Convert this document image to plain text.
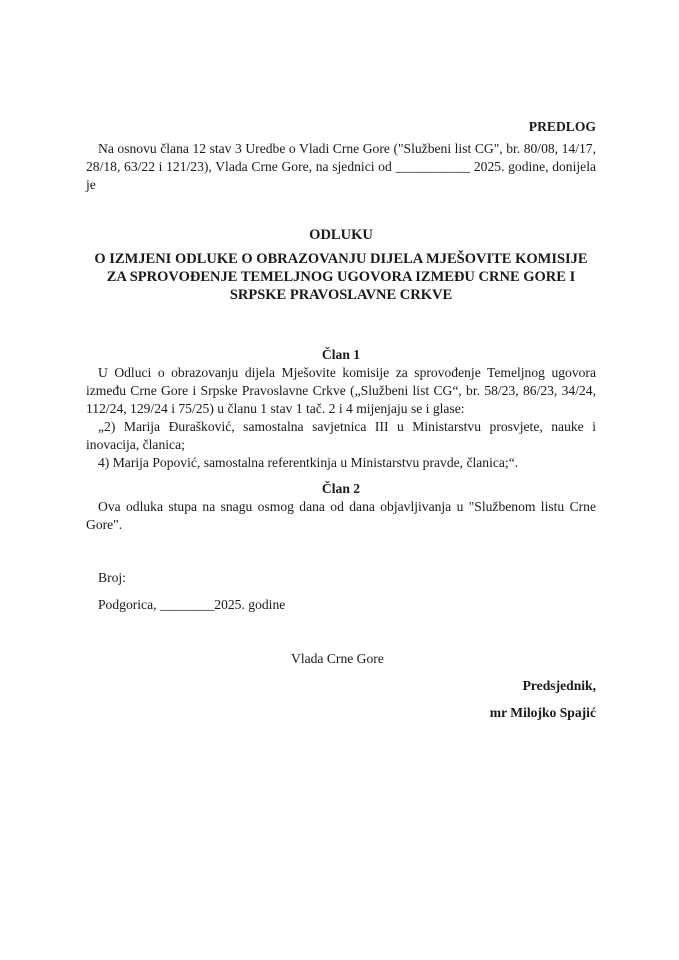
PREDLOG

Na osnovu člana 12 stav 3 Uredbe o Vladi Crne Gore ("Službeni list CG", br. 80/08, 14/17, 28/18, 63/22 i 121/23), Vlada Crne Gore, na sjednici od ___________ 2025. godine, donijela je

ODLUKU
O IZMJENI ODLUKE O OBRAZOVANJU DIJELA MJEŠOVITE KOMISIJE ZA SPROVOĐENJE TEMELJNOG UGOVORA IZMEĐU CRNE GORE I SRPSKE PRAVOSLAVNE CRKVE
Član 1

U Odluci o obrazovanju dijela Mješovite komisije za sprovođenje Temeljnog ugovora između Crne Gore i Srpske Pravoslavne Crkve („Službeni list CG“, br. 58/23, 86/23, 34/24, 112/24, 129/24 i 75/25) u članu 1 stav 1 tač. 2 i 4 mijenjaju se i glase:

„2) Marija Đurašković, samostalna savjetnica III u Ministarstvu prosvjete, nauke i inovacija, članica;

4) Marija Popović, samostalna referentkinja u Ministarstvu pravde, članica;“.

Član 2

Ova odluka stupa na snagu osmog dana od dana objavljivanja u "Službenom listu Crne Gore".

Broj:
Podgorica, ________2025. godine
Vlada Crne Gore
Predsjednik,
mr Milojko Spajić
